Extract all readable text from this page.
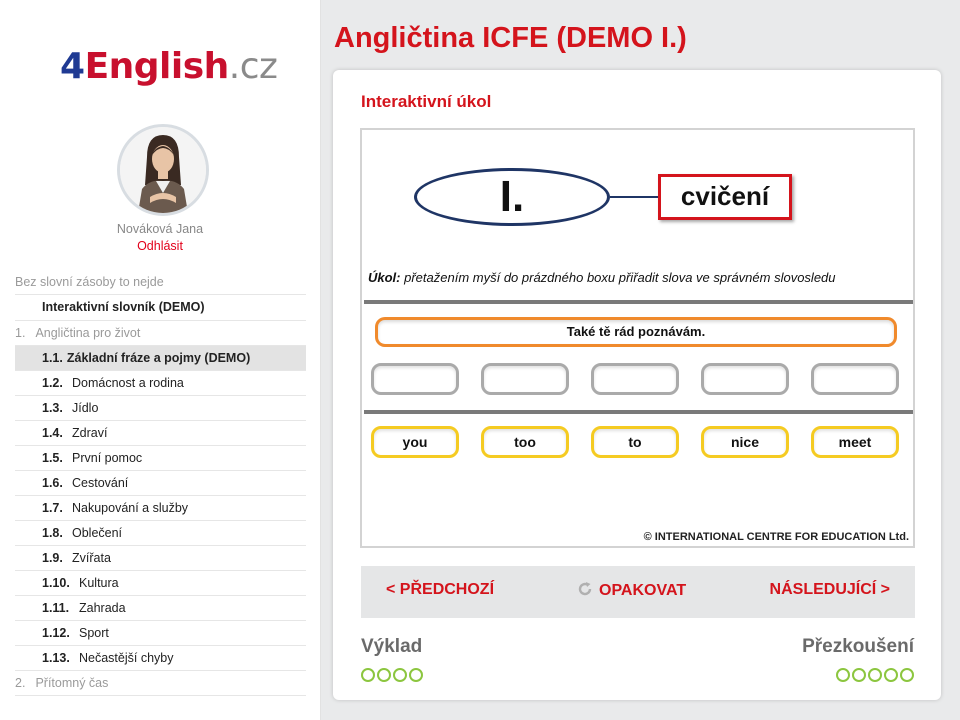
4English.cz
Nováková Jana
Odhlásit
Bez slovní zásoby to nejde
Interaktivní slovník (DEMO)
1. Angličtina pro život
1.1. Základní fráze a pojmy (DEMO)
1.2. Domácnost a rodina
1.3. Jídlo
1.4. Zdraví
1.5. První pomoc
1.6. Cestování
1.7. Nakupování a služby
1.8. Oblečení
1.9. Zvířata
1.10. Kultura
1.11. Zahrada
1.12. Sport
1.13. Nečastější chyby
2. Přítomný čas
Angličtina ICFE (DEMO I.)
Interaktivní úkol
I.	cvičení
Úkol: přetažením myší do prázdného boxu přiřadit slova ve správném slovosledu
Také tě rád poznávám.
you	too	to	nice	meet
© INTERNATIONAL CENTRE FOR EDUCATION Ltd.
< PŘEDCHOZÍ	OPAKOVAT	NÁSLEDUJÍCÍ >
Výklad	Přezkoušení
